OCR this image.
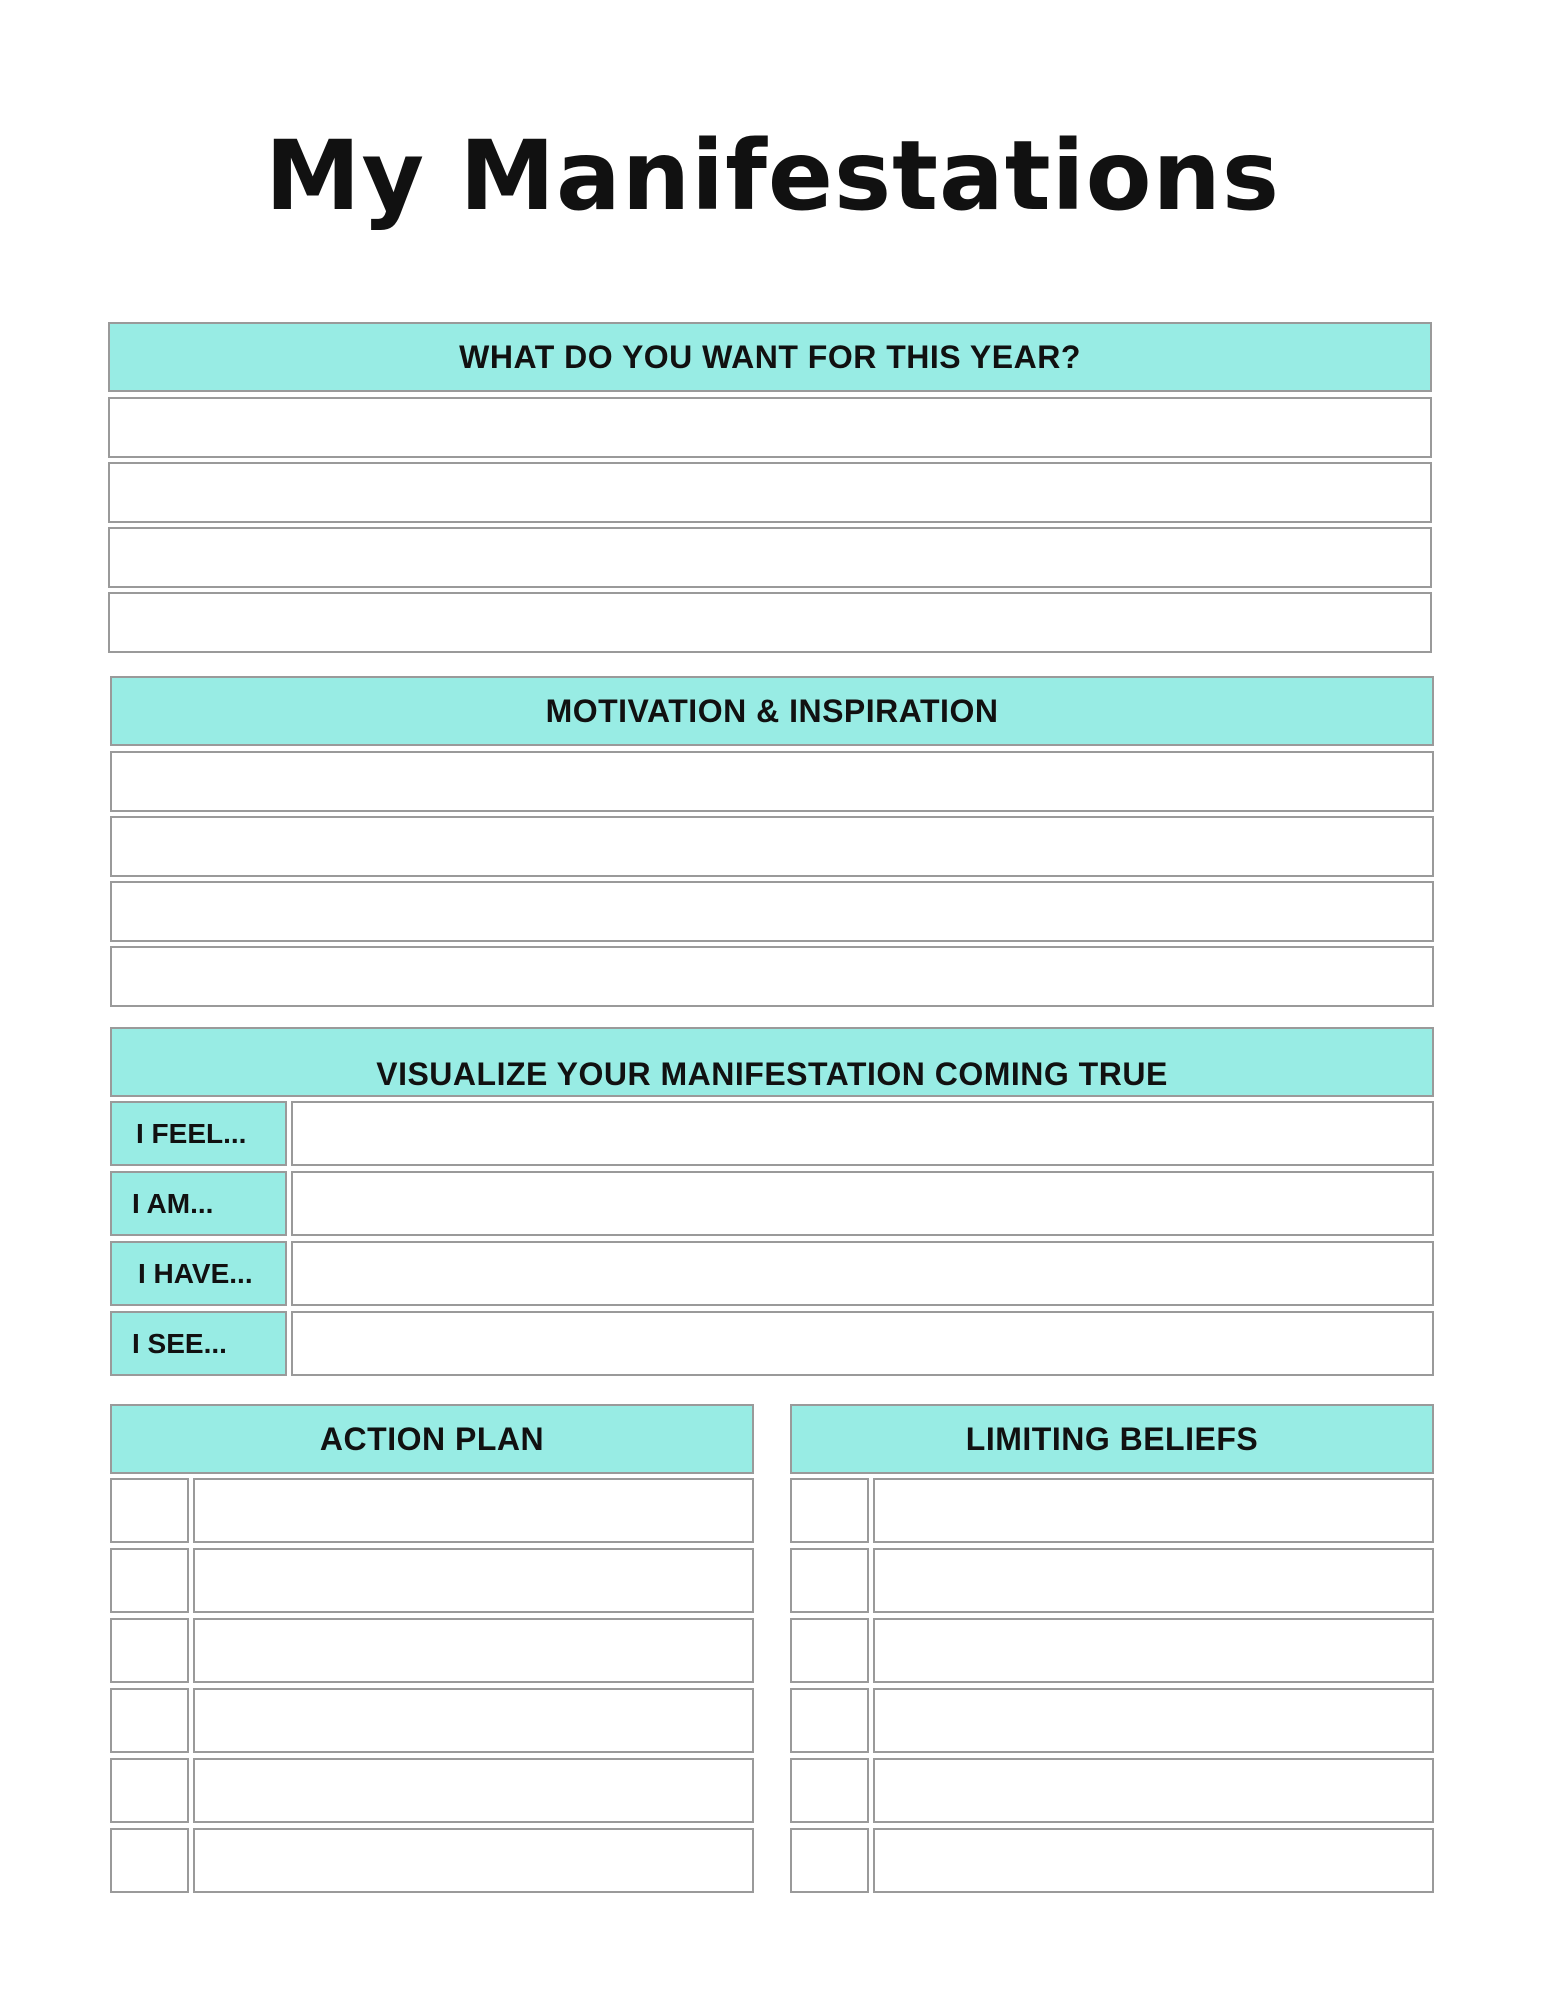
My Manifestations
WHAT DO YOU WANT FOR THIS YEAR?
MOTIVATION & INSPIRATION
VISUALIZE YOUR MANIFESTATION COMING TRUE
I FEEL...
I AM...
I HAVE...
I SEE...
ACTION PLAN	LIMITING BELIEFS
